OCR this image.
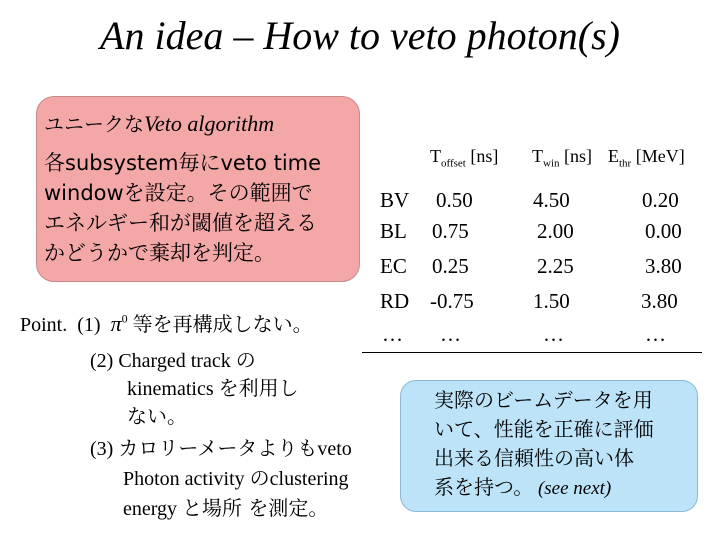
An idea – How to veto photon(s)
ユニークなVeto algorithm
各subsystem毎にveto time
windowを設定。その範囲で
エネルギー和が閾値を超える
かどうかで棄却を判定。
$T_{offset}$ [ns] $T_{win}$ [ns] $E_{thr}$ [MeV]
BV 0.50	4.50	0.20
BL 0.75	2.00	0.00
EC 0.25	2.25	3.80
RD -0.75	1.50	3.80
… …	…	…
Point. (1) $\pi^0$ 等を再構成しない。
(2) Charged track の
kinematics を利用し
ない。
(3) カロリーメータよりもveto
Photon activity のclustering
energy と場所 を測定。
実際のビームデータを用
いて、性能を正確に評価
出来る信頼性の高い体
系を持つ。 (see next)
